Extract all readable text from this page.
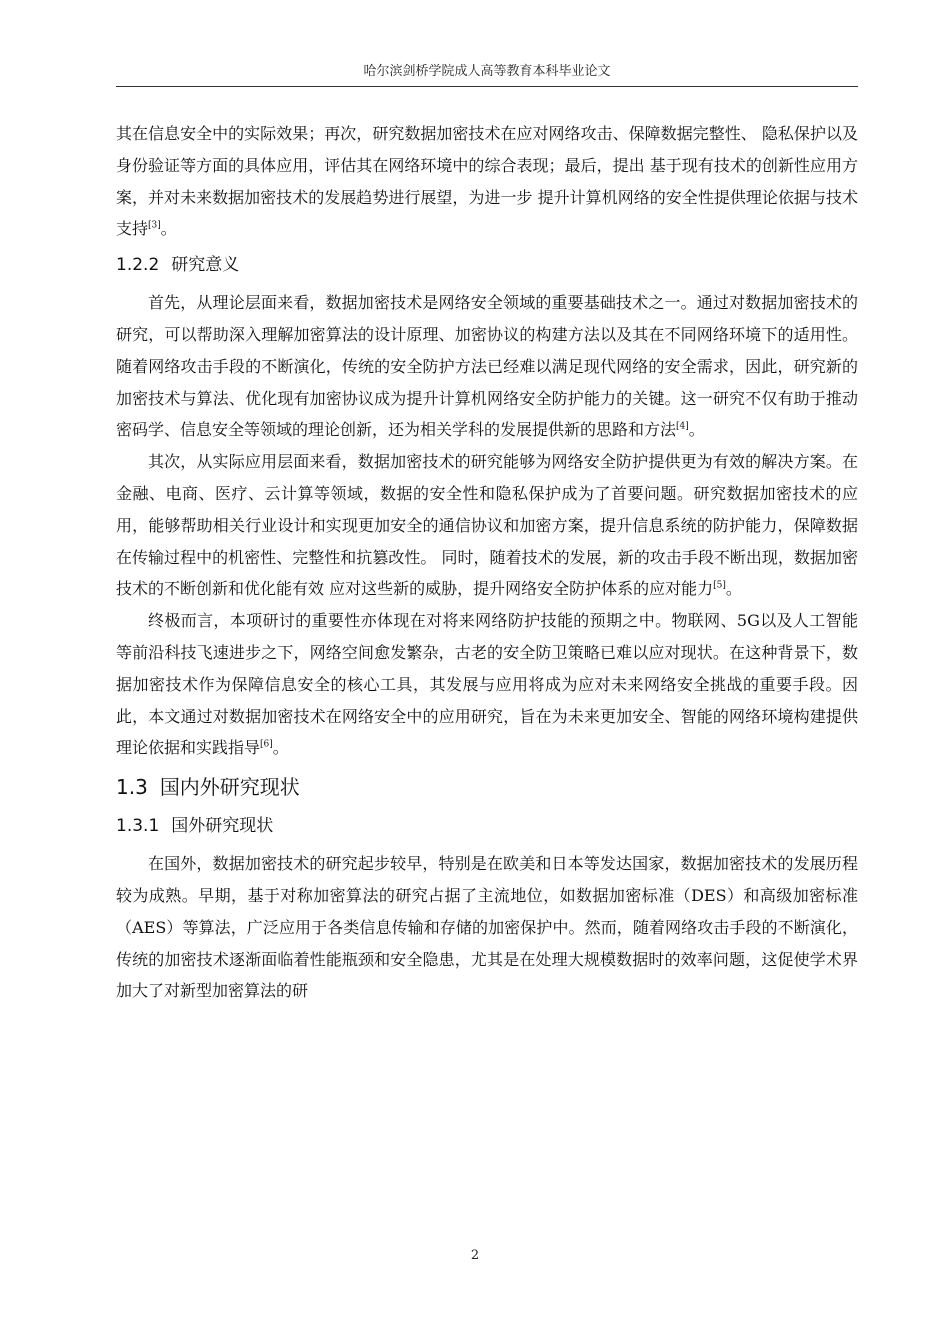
哈尔滨剑桥学院成人高等教育本科毕业论文

其在信息安全中的实际效果；再次，研究数据加密技术在应对网络攻击、保障数据完整性、 隐私保护以及身份验证等方面的具体应用，评估其在网络环境中的综合表现；最后，提出 基于现有技术的创新性应用方案，并对未来数据加密技术的发展趋势进行展望，为进一步 提升计算机网络的安全性提供理论依据与技术支持[3]。

1.2.2 研究意义

首先，从理论层面来看，数据加密技术是网络安全领域的重要基础技术之一。通过对数据加密技术的研究，可以帮助深入理解加密算法的设计原理、加密协议的构建方法以及其在不同网络环境下的适用性。随着网络攻击手段的不断演化，传统的安全防护方法已经难以满足现代网络的安全需求，因此，研究新的加密技术与算法、优化现有加密协议成为提升计算机网络安全防护能力的关键。这一研究不仅有助于推动密码学、信息安全等领域的理论创新，还为相关学科的发展提供新的思路和方法[4]。

其次，从实际应用层面来看，数据加密技术的研究能够为网络安全防护提供更为有效的解决方案。在金融、电商、医疗、云计算等领域，数据的安全性和隐私保护成为了首要问题。研究数据加密技术的应用，能够帮助相关行业设计和实现更加安全的通信协议和加密方案，提升信息系统的防护能力，保障数据在传输过程中的机密性、完整性和抗篡改性。 同时，随着技术的发展，新的攻击手段不断出现，数据加密技术的不断创新和优化能有效 应对这些新的威胁，提升网络安全防护体系的应对能力[5]。

终极而言，本项研讨的重要性亦体现在对将来网络防护技能的预期之中。物联网、5G以及人工智能等前沿科技飞速进步之下，网络空间愈发繁杂，古老的安全防卫策略已难以应对现状。在这种背景下，数据加密技术作为保障信息安全的核心工具，其发展与应用将成为应对未来网络安全挑战的重要手段。因此，本文通过对数据加密技术在网络安全中的应用研究，旨在为未来更加安全、智能的网络环境构建提供理论依据和实践指导[6]。

1.3 国内外研究现状
1.3.1 国外研究现状

在国外，数据加密技术的研究起步较早，特别是在欧美和日本等发达国家，数据加密技术的发展历程较为成熟。早期，基于对称加密算法的研究占据了主流地位，如数据加密标准（DES）和高级加密标准（AES）等算法，广泛应用于各类信息传输和存储的加密保护中。然而，随着网络攻击手段的不断演化，传统的加密技术逐渐面临着性能瓶颈和安全隐患，尤其是在处理大规模数据时的效率问题，这促使学术界加大了对新型加密算法的研

2
